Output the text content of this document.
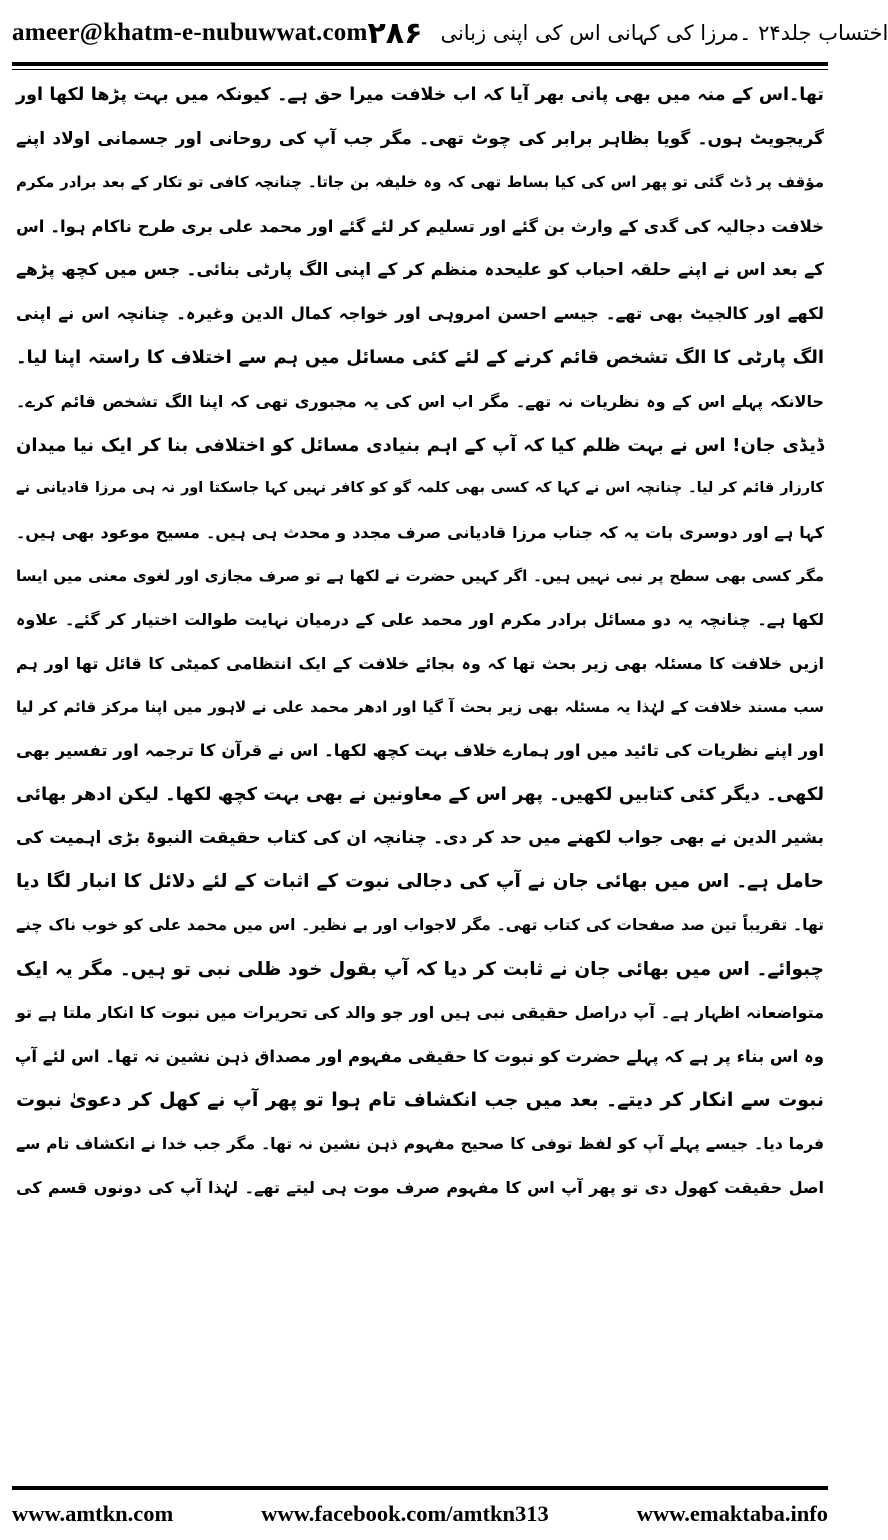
ameer@khatm-e-nubuwwat.com ۲۸۶ اختساب جلد۲۴ ۔مرزا کی کہانی اس کی اپنی زبانی
تھا۔اس کے منہ میں بھی پانی بھر آیا کہ اب خلافت میرا حق ہے۔ کیونکہ میں بہت پڑھا لکھا اور
گریجویٹ ہوں۔ گویا بظاہر برابر کی چوٹ تھی۔ مگر جب آپ کی روحانی اور جسمانی اولاد اپنے
مؤقف پر ڈٹ گئی تو پھر اس کی کیا بساط تھی کہ وہ خلیفہ بن جاتا۔ چنانچہ کافی تو تکار کے بعد برادر مکرم
خلافت دجالیہ کی گدی کے وارث بن گئے اور تسلیم کر لئے گئے اور محمد علی بری طرح ناکام ہوا۔ اس
کے بعد اس نے اپنے حلقہ احباب کو علیحدہ منظم کر کے اپنی الگ پارٹی بنائی۔ جس میں کچھ پڑھے
لکھے اور کالجیٹ بھی تھے۔ جیسے احسن امروہی اور خواجہ کمال الدین وغیرہ۔ چنانچہ اس نے اپنی
الگ پارٹی کا الگ تشخص قائم کرنے کے لئے کئی مسائل میں ہم سے اختلاف کا راستہ اپنا لیا۔
حالانکہ پہلے اس کے وہ نظریات نہ تھے۔ مگر اب اس کی یہ مجبوری تھی کہ اپنا الگ تشخص قائم کرے۔
ڈیڈی جان! اس نے بہت ظلم کیا کہ آپ کے اہم بنیادی مسائل کو اختلافی بنا کر ایک نیا میدان
کارزار قائم کر لیا۔ چنانچہ اس نے کہا کہ کسی بھی کلمہ گو کو کافر نہیں کہا جاسکتا اور نہ ہی مرزا قادیانی نے
کہا ہے اور دوسری بات یہ کہ جناب مرزا قادیانی صرف مجدد و محدث ہی ہیں۔ مسیح موعود بھی ہیں۔
مگر کسی بھی سطح پر نبی نہیں ہیں۔ اگر کہیں حضرت نے لکھا ہے تو صرف مجازی اور لغوی معنی میں ایسا
لکھا ہے۔ چنانچہ یہ دو مسائل برادر مکرم اور محمد علی کے درمیان نہایت طوالت اختیار کر گئے۔ علاوہ
ازیں خلافت کا مسئلہ بھی زیر بحث تھا کہ وہ بجائے خلافت کے ایک انتظامی کمیٹی کا قائل تھا اور ہم
سب مسند خلافت کے لہٰذا یہ مسئلہ بھی زیر بحث آ گیا اور ادھر محمد علی نے لاہور میں اپنا مرکز قائم کر لیا
اور اپنے نظریات کی تائید میں اور ہمارے خلاف بہت کچھ لکھا۔ اس نے قرآن کا ترجمہ اور تفسیر بھی
لکھی۔ دیگر کئی کتابیں لکھیں۔ پھر اس کے معاونین نے بھی بہت کچھ لکھا۔ لیکن ادھر بھائی
بشیر الدین نے بھی جواب لکھنے میں حد کر دی۔ چنانچہ ان کی کتاب حقیقت النبوۃ بڑی اہمیت کی
حامل ہے۔ اس میں بھائی جان نے آپ کی دجالی نبوت کے اثبات کے لئے دلائل کا انبار لگا دیا
تھا۔ تقریباً تین صد صفحات کی کتاب تھی۔ مگر لاجواب اور بے نظیر۔ اس میں محمد علی کو خوب ناک چنے
چبوائے۔ اس میں بھائی جان نے ثابت کر دیا کہ آپ بقول خود ظلی نبی تو ہیں۔ مگر یہ ایک
متواضعانہ اظہار ہے۔ آپ دراصل حقیقی نبی ہیں اور جو والد کی تحریرات میں نبوت کا انکار ملتا ہے تو
وہ اس بناء پر ہے کہ پہلے حضرت کو نبوت کا حقیقی مفہوم اور مصداق ذہن نشین نہ تھا۔ اس لئے آپ
نبوت سے انکار کر دیتے۔ بعد میں جب انکشاف تام ہوا تو پھر آپ نے کھل کر دعویٰ نبوت
فرما دیا۔ جیسے پہلے آپ کو لفظ توفی کا صحیح مفہوم ذہن نشین نہ تھا۔ مگر جب خدا نے انکشاف تام سے
اصل حقیقت کھول دی تو پھر آپ اس کا مفہوم صرف موت ہی لیتے تھے۔ لہٰذا آپ کی دونوں قسم کی
www.amtkn.com	www.facebook.com/amtkn313	www.emaktaba.info
